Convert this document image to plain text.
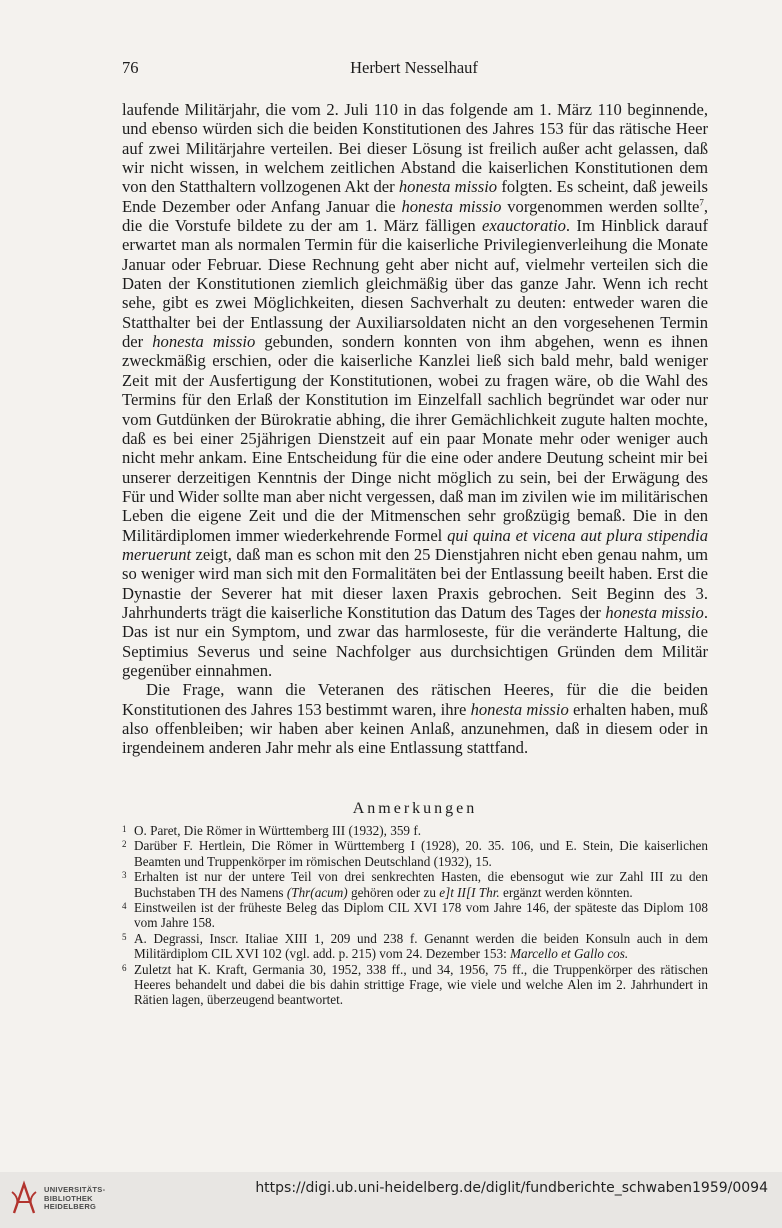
76	Herbert Nesselhauf

laufende Militärjahr, die vom 2. Juli 110 in das folgende am 1. März 110 beginnende, und ebenso würden sich die beiden Konstitutionen des Jahres 153 für das rätische Heer auf zwei Militärjahre verteilen. Bei dieser Lösung ist freilich außer acht gelassen, daß wir nicht wissen, in welchem zeitlichen Abstand die kaiserlichen Konstitutionen dem von den Statthaltern vollzogenen Akt der honesta missio folgten. Es scheint, daß jeweils Ende Dezember oder Anfang Januar die honesta missio vorgenommen werden sollte$^7$, die die Vorstufe bildete zu der am 1. März fälligen exauctoratio. Im Hinblick darauf erwartet man als normalen Termin für die kaiserliche Privilegienverleihung die Monate Januar oder Februar. Diese Rechnung geht aber nicht auf, vielmehr verteilen sich die Daten der Konstitutionen ziemlich gleichmäßig über das ganze Jahr. Wenn ich recht sehe, gibt es zwei Möglichkeiten, diesen Sachverhalt zu deuten: entweder waren die Statthalter bei der Entlassung der Auxiliarsoldaten nicht an den vorgesehenen Termin der honesta missio gebunden, sondern konnten von ihm abgehen, wenn es ihnen zweckmäßig erschien, oder die kaiserliche Kanzlei ließ sich bald mehr, bald weniger Zeit mit der Ausfertigung der Konstitutionen, wobei zu fragen wäre, ob die Wahl des Termins für den Erlaß der Konstitution im Einzelfall sachlich begründet war oder nur vom Gutdünken der Bürokratie abhing, die ihrer Gemächlichkeit zugute halten mochte, daß es bei einer 25jährigen Dienstzeit auf ein paar Monate mehr oder weniger auch nicht mehr ankam. Eine Entscheidung für die eine oder andere Deutung scheint mir bei unserer derzeitigen Kenntnis der Dinge nicht möglich zu sein, bei der Erwägung des Für und Wider sollte man aber nicht vergessen, daß man im zivilen wie im militärischen Leben die eigene Zeit und die der Mitmenschen sehr großzügig bemaß. Die in den Militärdiplomen immer wiederkehrende Formel qui quina et vicena aut plura stipendia meruerunt zeigt, daß man es schon mit den 25 Dienstjahren nicht eben genau nahm, um so weniger wird man sich mit den Formalitäten bei der Entlassung beeilt haben. Erst die Dynastie der Severer hat mit dieser laxen Praxis gebrochen. Seit Beginn des 3. Jahrhunderts trägt die kaiserliche Konstitution das Datum des Tages der honesta missio. Das ist nur ein Symptom, und zwar das harmloseste, für die veränderte Haltung, die Septimius Severus und seine Nachfolger aus durchsichtigen Gründen dem Militär gegenüber einnahmen.

Die Frage, wann die Veteranen des rätischen Heeres, für die die beiden Konstitutionen des Jahres 153 bestimmt waren, ihre honesta missio erhalten haben, muß also offenbleiben; wir haben aber keinen Anlaß, anzunehmen, daß in diesem oder in irgendeinem anderen Jahr mehr als eine Entlassung stattfand.

Anmerkungen

1 O. Paret, Die Römer in Württemberg III (1932), 359 f.

2 Darüber F. Hertlein, Die Römer in Württemberg I (1928), 20. 35. 106, und E. Stein, Die kaiserlichen Beamten und Truppenkörper im römischen Deutschland (1932), 15.

3 Erhalten ist nur der untere Teil von drei senkrechten Hasten, die ebensogut wie zur Zahl III zu den Buchstaben TH des Namens (Thr(acum) gehören oder zu e]t II[I Thr. ergänzt werden könnten.

4 Einstweilen ist der früheste Beleg das Diplom CIL XVI 178 vom Jahre 146, der späteste das Diplom 108 vom Jahre 158.

5 A. Degrassi, Inscr. Italiae XIII 1, 209 und 238 f. Genannt werden die beiden Konsuln auch in dem Militärdiplom CIL XVI 102 (vgl. add. p. 215) vom 24. Dezember 153: Marcello et Gallo cos.

6 Zuletzt hat K. Kraft, Germania 30, 1952, 338 ff., und 34, 1956, 75 ff., die Truppenkörper des rätischen Heeres behandelt und dabei die bis dahin strittige Frage, wie viele und welche Alen im 2. Jahrhundert in Rätien lagen, überzeugend beantwortet.

UNIVERSITÄTS-
BIBLIOTHEK
HEIDELBERG
https://digi.ub.uni-heidelberg.de/diglit/fundberichte_schwaben1959/0094
